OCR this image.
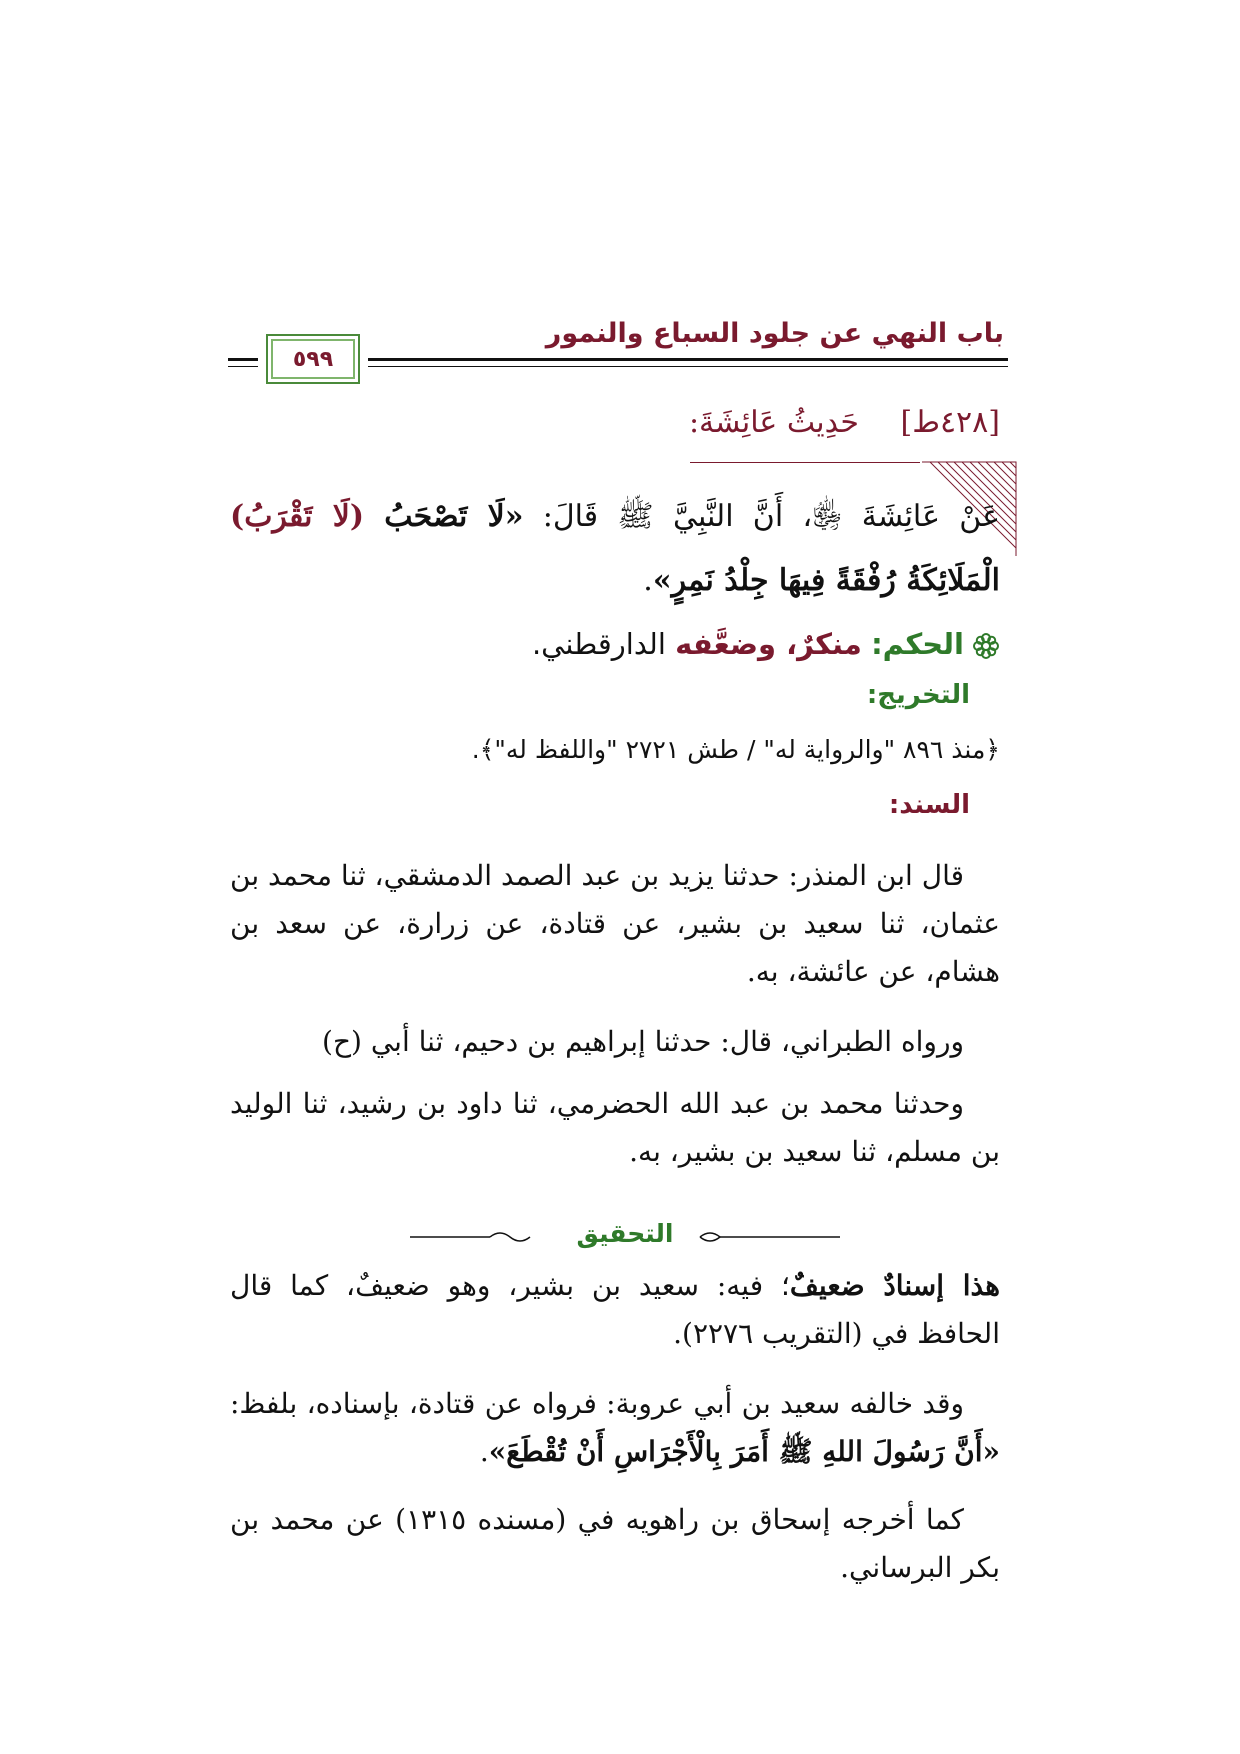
باب النهي عن جلود السباع والنمور
٥٩٩
[٤٢٨ط] حَدِيثُ عَائِشَةَ:
عَنْ عَائِشَةَ ﵂، أَنَّ النَّبِيَّ ﷺ قَالَ: «لَا تَصْحَبُ (لَا تَقْرَبُ) الْمَلَائِكَةُ رُفْقَةً فِيهَا جِلْدُ نَمِرٍ».
الحكم: منكرٌ، وضعَّفه الدارقطني.
التخريج:
﴿منذ ٨٩٦ "والرواية له" / طش ٢٧٢١ "واللفظ له"﴾.
السند:
قال ابن المنذر: حدثنا يزيد بن عبد الصمد الدمشقي، ثنا محمد بن عثمان، ثنا سعيد بن بشير، عن قتادة، عن زرارة، عن سعد بن هشام، عن عائشة، به.
ورواه الطبراني، قال: حدثنا إبراهيم بن دحيم، ثنا أبي (ح)
وحدثنا محمد بن عبد الله الحضرمي، ثنا داود بن رشيد، ثنا الوليد بن مسلم، ثنا سعيد بن بشير، به.
التحقيق
هذا إسنادٌ ضعيفٌ؛ فيه: سعيد بن بشير، وهو ضعيفٌ، كما قال الحافظ في (التقريب ٢٢٧٦).
وقد خالفه سعيد بن أبي عروبة: فرواه عن قتادة، بإسناده، بلفظ: «أَنَّ رَسُولَ اللهِ ﷺ أَمَرَ بِالْأَجْرَاسِ أَنْ تُقْطَعَ».
كما أخرجه إسحاق بن راهويه في (مسنده ١٣١٥) عن محمد بن بكر البرساني.
